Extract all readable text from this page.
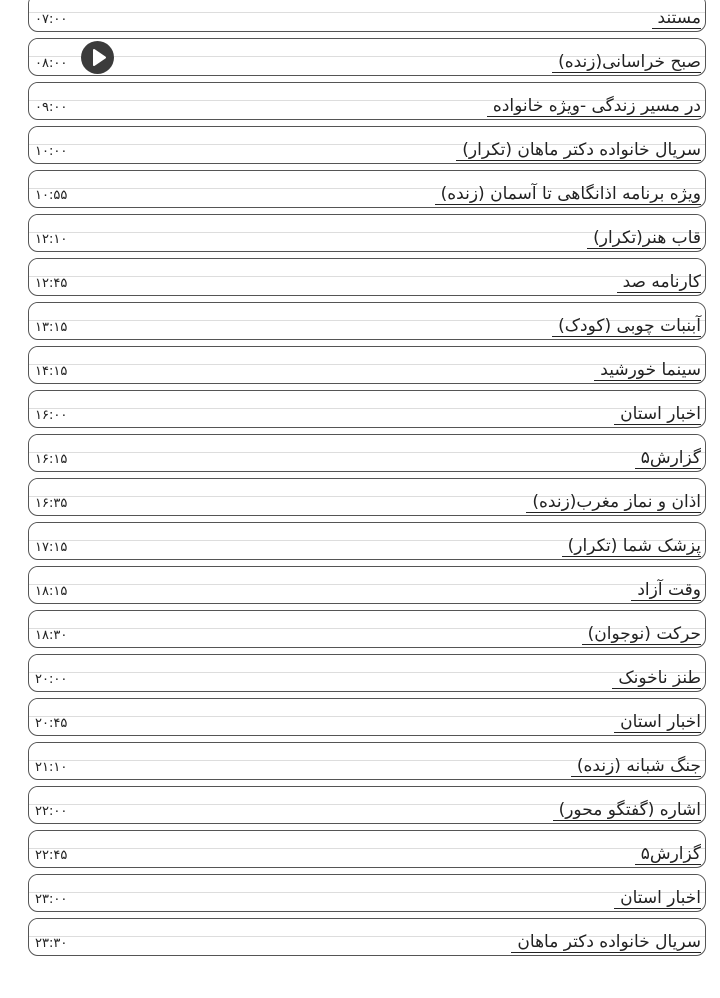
مستند
۰۷:۰۰
صبح خراسانی(زنده)
۰۸:۰۰
در مسیر زندگی -ویژه خانواده
۰۹:۰۰
سریال خانواده دکتر ماهان (تکرار)
۱۰:۰۰
ویژه برنامه اذانگاهی تا آسمان (زنده)
۱۰:۵۵
قاب هنر(تکرار)
۱۲:۱۰
کارنامه صد
۱۲:۴۵
آبنبات چوبی (کودک)
۱۳:۱۵
سینما خورشید
۱۴:۱۵
اخبار استان
۱۶:۰۰
گزارش۵
۱۶:۱۵
اذان و نماز مغرب(زنده)
۱۶:۳۵
پزشک شما (تکرار)
۱۷:۱۵
وقت آزاد
۱۸:۱۵
حرکت (نوجوان)
۱۸:۳۰
طنز ناخونک
۲۰:۰۰
اخبار استان
۲۰:۴۵
جنگ شبانه (زنده)
۲۱:۱۰
اشاره (گفتگو محور)
۲۲:۰۰
گزارش۵
۲۲:۴۵
اخبار استان
۲۳:۰۰
سریال خانواده دکتر ماهان
۲۳:۳۰
